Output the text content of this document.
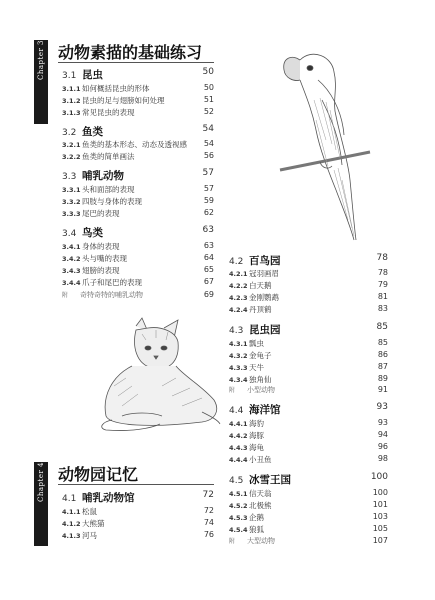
Chapter 3 动物素描的基础练习
3.1 昆虫	50
3.1.1 如何概括昆虫的形体	50
3.1.2 昆虫的足与翅膀如何处理	51
3.1.3 常见昆虫的表现	52
3.2 鱼类	54
3.2.1 鱼类的基本形态、动态及透视感 54
3.2.2 鱼类的简单画法	56
3.3 哺乳动物	57
3.3.1 头和面部的表现	57
3.3.2 四肢与身体的表现	59
3.3.3 尾巴的表现	62
3.4 鸟类	63
3.4.1 身体的表现	63
3.4.2 头与嘴的表现	64
3.4.3 翅膀的表现	65
3.4.4 爪子和尾巴的表现	67
附	奇特奇特的哺乳动物	69
Chapter 4 动物园记忆
4.1 哺乳动物馆	72
4.1.1 松鼠	72
4.1.2 大熊猫	74
4.1.3 河马	76
4.2 百鸟园	78
4.2.1 冠羽画眉	78
4.2.2 白天鹅	79
4.2.3 金刚鹦鹉	81
4.2.4 丹顶鹤	83
4.3 昆虫园	85
4.3.1 瓢虫	85
4.3.2 金龟子	86
4.3.3 天牛	87
4.3.4 独角仙	89
附	小型动物	91
4.4 海洋馆	93
4.4.1 海豹	93
4.4.2 海豚	94
4.4.3 海龟	96
4.4.4 小丑鱼	98
4.5 冰雪王国	100
4.5.1 信天翁	100
4.5.2 北极熊	101
4.5.3 企鹅	103
4.5.4 狼狐	105
附	大型动物	107
